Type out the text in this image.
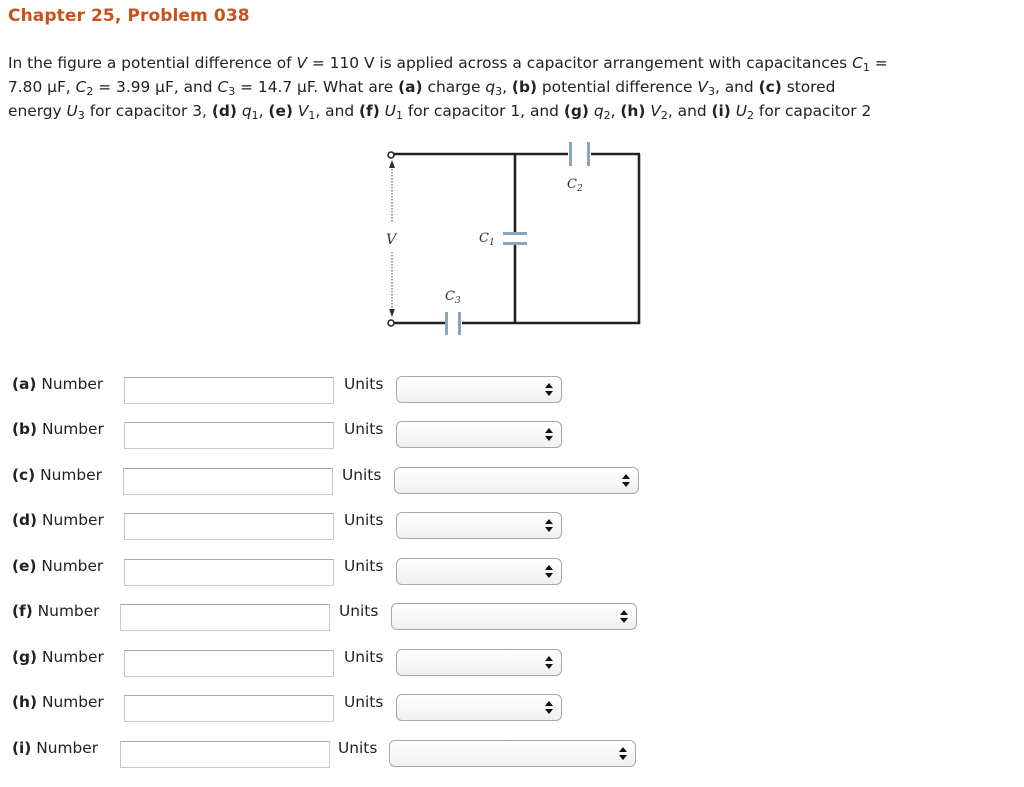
Chapter 25, Problem 038
In the figure a potential difference of V = 110 V is applied across a capacitor arrangement with capacitances $C_1$ =
7.80 μF, $C_2 = 3.99$ μF, and $C_3 = 14.7$ μF. What are (a) charge $q_3$, (b) potential difference $V_3$, and (c) stored
energy $U_3$ for capacitor 3, (d) $q_1$, (e) $V_1$, and (f) $U_1$ for capacitor 1, and (g) $q_2$, (h) $V_2$, and (i) $U_2$ for capacitor 2
V
$C_2$
$C_1$
$C_3$
(a) Number	Units
(b) Number	Units
(c) Number	Units
(d) Number	Units
(e) Number	Units
(f) Number	Units
(g) Number	Units
(h) Number	Units
(i) Number	Units
